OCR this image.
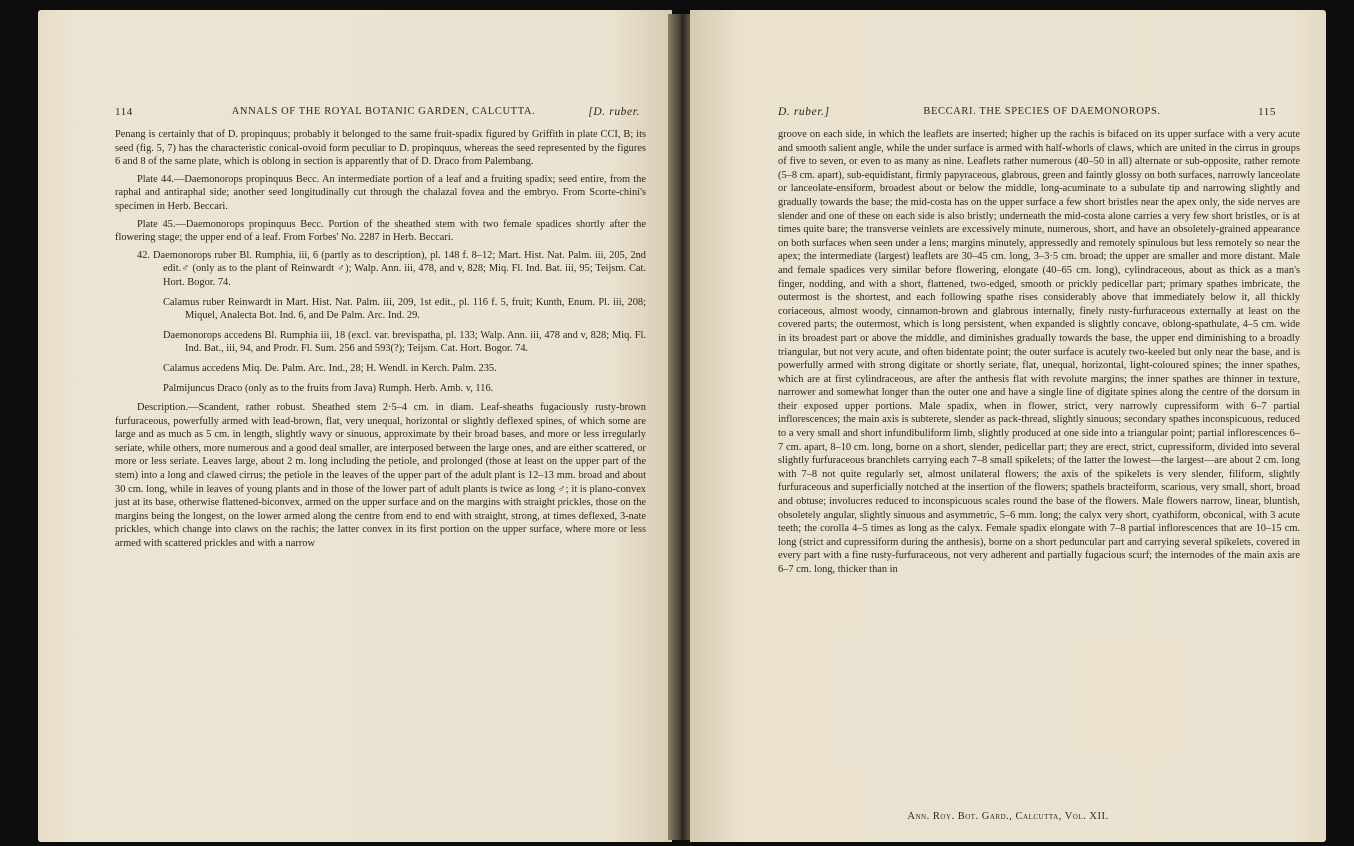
114	ANNALS OF THE ROYAL BOTANIC GARDEN, CALCUTTA.	[D. ruber.

Penang is certainly that of D. propinquus; probably it belonged to the same fruit-spadix figured by Griffith in plate CCI, B; its seed (fig. 5, 7) has the characteristic conical-ovoid form peculiar to D. propinquus, whereas the seed represented by the figures 6 and 8 of the same plate, which is oblong in section is apparently that of D. Draco from Palembang.

Plate 44.—Daemonorops propinquus Becc. An intermediate portion of a leaf and a fruiting spadix; seed entire, from the raphal and antiraphal side; another seed longitudinally cut through the chalazal fovea and the embryo. From Scorte-chini's specimen in Herb. Beccari.

Plate 45.—Daemonorops propinquus Becc. Portion of the sheathed stem with two female spadices shortly after the flowering stage; the upper end of a leaf. From Forbes' No. 2287 in Herb. Beccari.

42. Daemonorops ruber Bl. Rumphia, iii, 6 (partly as to description), pl. 148 f. 8–12; Mart. Hist. Nat. Palm. iii, 205, 2nd edit.♂ (only as to the plant of Reinwardt ♂); Walp. Ann. iii, 478, and v, 828; Miq. Fl. Ind. Bat. iii, 95; Teijsm. Cat. Hort. Bogor. 74.

Calamus ruber Reinwardt in Mart. Hist. Nat. Palm. iii, 209, 1st edit., pl. 116 f. 5, fruit; Kunth, Enum. Pl. iii, 208; Miquel, Analecta Bot. Ind. 6, and De Palm. Arc. Ind. 29.

Daemonorops accedens Bl. Rumphia iii, 18 (excl. var. brevispatha, pl. 133; Walp. Ann. iii, 478 and v, 828; Miq. Fl. Ind. Bat., iii, 94, and Prodr. Fl. Sum. 256 and 593(?); Teijsm. Cat. Hort. Bogor. 74.

Calamus accedens Miq. De. Palm. Arc. Ind., 28; H. Wendl. in Kerch. Palm. 235.

Palmijuncus Draco (only as to the fruits from Java) Rumph. Herb. Amb. v, 116.

Description.—Scandent, rather robust. Sheathed stem 2·5–4 cm. in diam. Leaf-sheaths fugaciously rusty-brown furfuraceous, powerfully armed with lead-brown, flat, very unequal, horizontal or slightly deflexed spines, of which some are large and as much as 5 cm. in length, slightly wavy or sinuous, approximate by their broad bases, and more or less irregularly seriate, while others, more numerous and a good deal smaller, are interposed between the large ones, and are either scattered, or more or less seriate. Leaves large, about 2 m. long including the petiole, and prolonged (those at least on the upper part of the stem) into a long and clawed cirrus; the petiole in the leaves of the upper part of the adult plant is 12–13 mm. broad and about 30 cm. long, while in leaves of young plants and in those of the lower part of adult plants is twice as long ♂; it is plano-convex just at its base, otherwise flattened-biconvex, armed on the upper surface and on the margins with straight prickles, those on the margins being the longest, on the lower armed along the centre from end to end with straight, strong, at times deflexed, 3-nate prickles, which change into claws on the rachis; the latter convex in its first portion on the upper surface, where more or less armed with scattered prickles and with a narrow

D. ruber.]	BECCARI. THE SPECIES OF DAEMONOROPS.	115

groove on each side, in which the leaflets are inserted; higher up the rachis is bifaced on its upper surface with a very acute and smooth salient angle, while the under surface is armed with half-whorls of claws, which are united in the cirrus in groups of five to seven, or even to as many as nine. Leaflets rather numerous (40–50 in all) alternate or sub-opposite, rather remote (5–8 cm. apart), sub-equidistant, firmly papyraceous, glabrous, green and faintly glossy on both surfaces, narrowly lanceolate or lanceolate-ensiform, broadest about or below the middle, long-acuminate to a subulate tip and narrowing slightly and gradually towards the base; the mid-costa has on the upper surface a few short bristles near the apex only, the side nerves are slender and one of these on each side is also bristly; underneath the mid-costa alone carries a very few short bristles, or is at times quite bare; the transverse veinlets are excessively minute, numerous, short, and have an obsoletely-grained appearance on both surfaces when seen under a lens; margins minutely, appressedly and remotely spinulous but less remotely so near the apex; the intermediate (largest) leaflets are 30–45 cm. long, 3–3·5 cm. broad; the upper are smaller and more distant. Male and female spadices very similar before flowering, elongate (40–65 cm. long), cylindraceous, about as thick as a man's finger, nodding, and with a short, flattened, two-edged, smooth or prickly pedicellar part; primary spathes imbricate, the outermost is the shortest, and each following spathe rises considerably above that immediately below it, all thickly coriaceous, almost woody, cinnamon-brown and glabrous internally, finely rusty-furfuraceous externally at least on the covered parts; the outermost, which is long persistent, when expanded is slightly concave, oblong-spathulate, 4–5 cm. wide in its broadest part or above the middle, and diminishes gradually towards the base, the upper end diminishing to a broadly triangular, but not very acute, and often bidentate point; the outer surface is acutely two-keeled but only near the base, and is powerfully armed with strong digitate or shortly seriate, flat, unequal, horizontal, light-coloured spines; the inner spathes, which are at first cylindraceous, are after the anthesis flat with revolute margins; the inner spathes are thinner in texture, narrower and somewhat longer than the outer one and have a single line of digitate spines along the centre of the dorsum in their exposed upper portions. Male spadix, when in flower, strict, very narrowly cupressiform with 6–7 partial inflorescences; the main axis is subterete, slender as pack-thread, slightly sinuous; secondary spathes inconspicuous, reduced to a very small and short infundibuliform limb, slightly produced at one side into a triangular point; partial inflorescences 6–7 cm. apart, 8–10 cm. long, borne on a short, slender, pedicellar part; they are erect, strict, cupressiform, divided into several slightly furfuraceous branchlets carrying each 7–8 small spikelets; of the latter the lowest—the largest—are about 2 cm. long with 7–8 not quite regularly set, almost unilateral flowers; the axis of the spikelets is very slender, filiform, slightly furfuraceous and superficially notched at the insertion of the flowers; spathels bracteiform, scarious, very small, short, broad and obtuse; involucres reduced to inconspicuous scales round the base of the flowers. Male flowers narrow, linear, bluntish, obsoletely angular, slightly sinuous and asymmetric, 5–6 mm. long; the calyx very short, cyathiform, obconical, with 3 acute teeth; the corolla 4–5 times as long as the calyx. Female spadix elongate with 7–8 partial inflorescences that are 10–15 cm. long (strict and cupressiform during the anthesis), borne on a short peduncular part and carrying several spikelets, covered in every part with a fine rusty-furfuraceous, not very adherent and partially fugacious scurf; the internodes of the main axis are 6–7 cm. long, thicker than in

Ann. Roy. Bot. Gard., Calcutta, Vol. XII.
